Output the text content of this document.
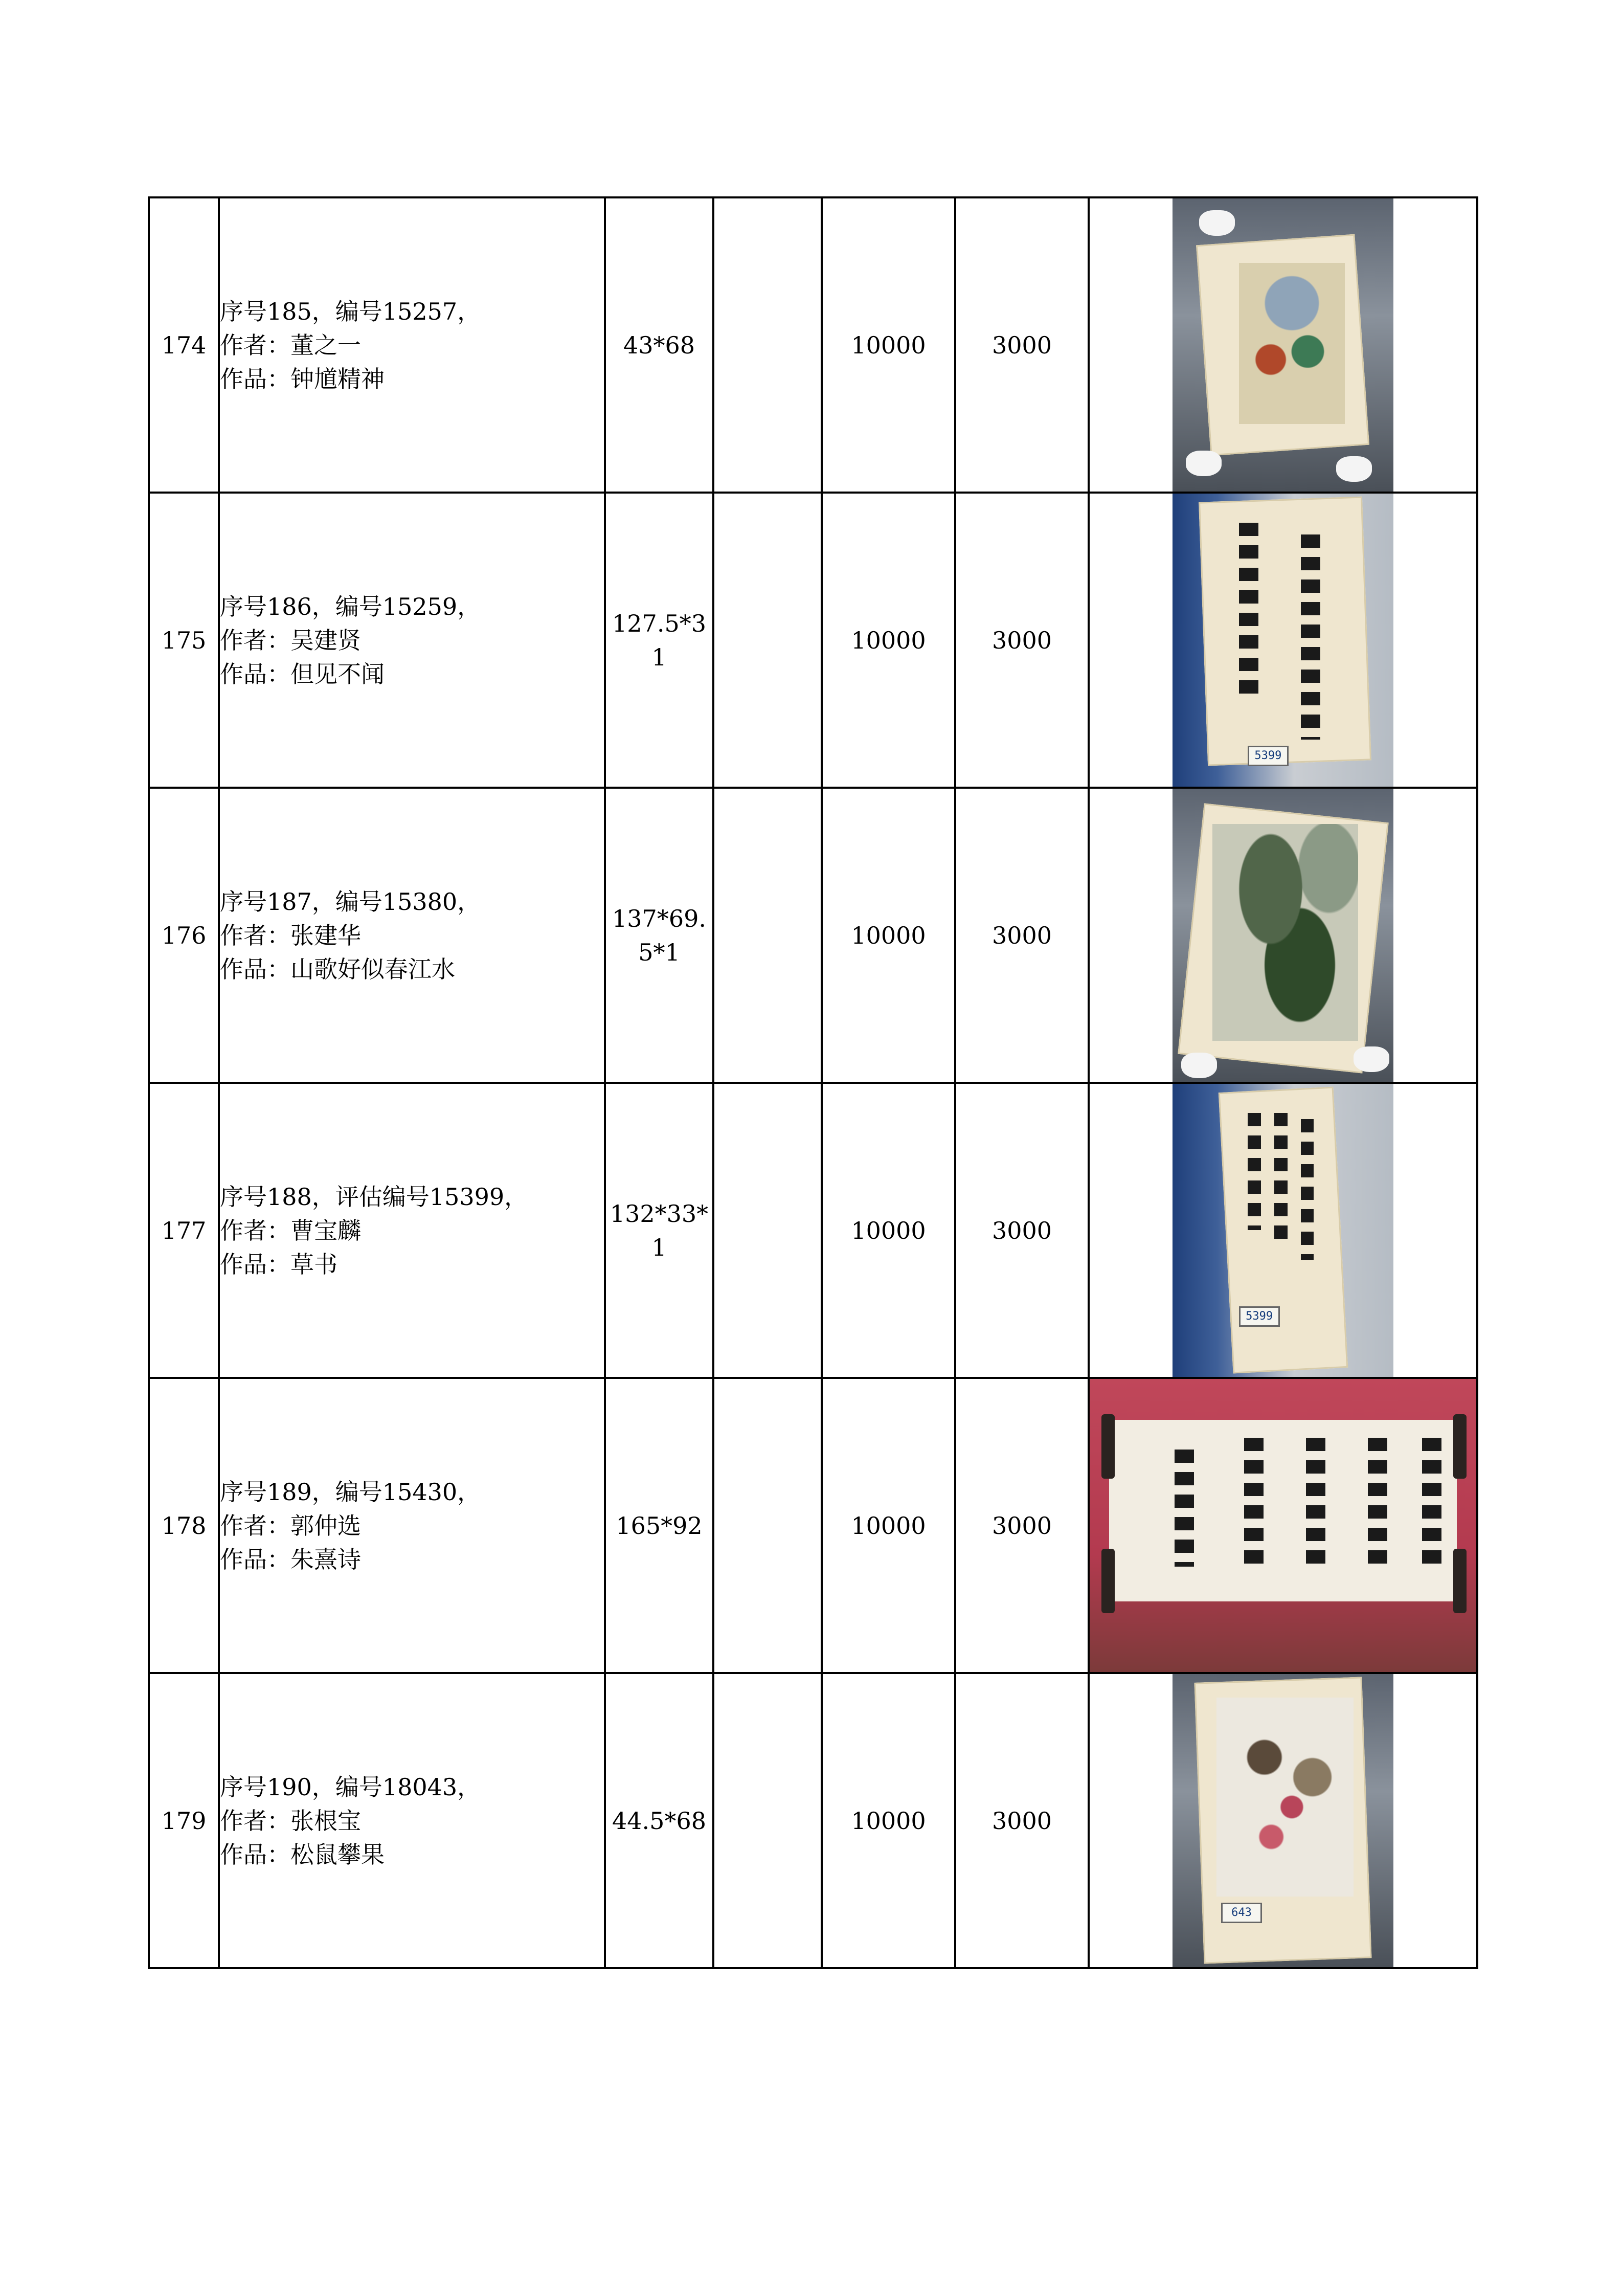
174	序号185，编号15257，
作者：董之一
作品：钟馗精神	43*68		10000	3000	

175	序号186，编号15259，
作者：吴建贤
作品：但见不闻	127.5*3
1		10000	3000	5399

176	序号187，编号15380，
作者：张建华
作品：山歌好似春江水	137*69.
5*1		10000	3000	

177	序号188，评估编号15399，
作者：曹宝麟
作品：草书	132*33*
1		10000	3000	5399

178	序号189，编号15430，
作者：郭仲选
作品：朱熹诗	165*92		10000	3000	

179	序号190，编号18043，
作者：张根宝
作品：松鼠攀果	44.5*68		10000	3000	643
